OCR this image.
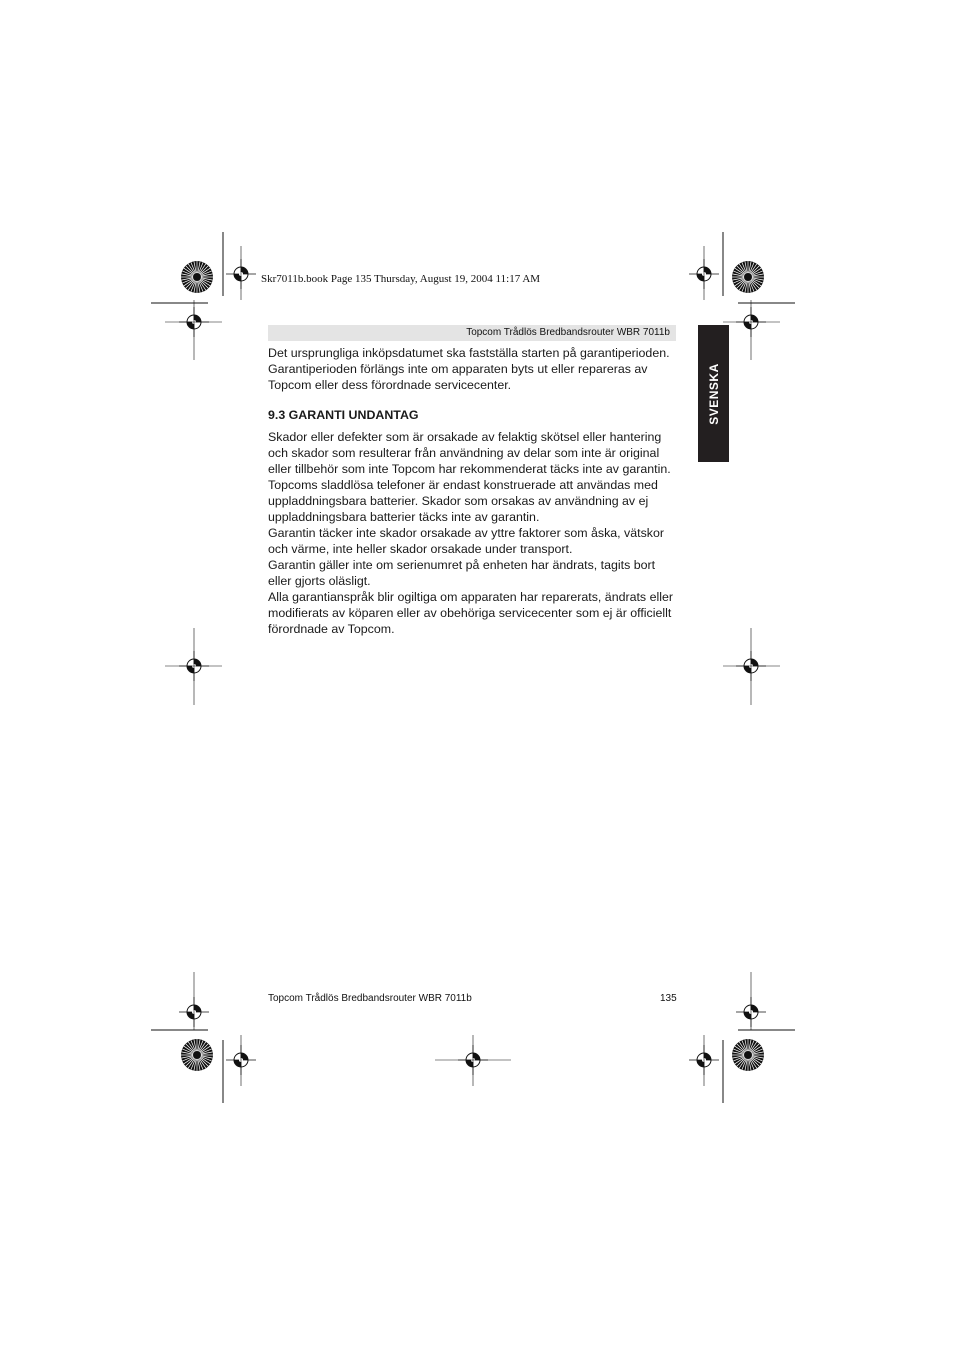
Skr7011b.book Page 135 Thursday, August 19, 2004 11:17 AM
Topcom Trådlös Bredbandsrouter WBR 7011b
SVENSKA

Det ursprungliga inköpsdatumet ska fastställa starten på garantiperioden. Garantiperioden förlängs inte om apparaten byts ut eller repareras av Topcom eller dess förordnade servicecenter.

9.3 GARANTI UNDANTAG

Skador eller defekter som är orsakade av felaktig skötsel eller hantering och skador som resulterar från användning av delar som inte är original eller tillbehör som inte Topcom har rekommenderat täcks inte av garantin.

Topcoms sladdlösa telefoner är endast konstruerade att användas med uppladdningsbara batterier. Skador som orsakas av användning av ej uppladdningsbara batterier täcks inte av garantin.

Garantin täcker inte skador orsakade av yttre faktorer som åska, vätskor och värme, inte heller skador orsakade under transport.

Garantin gäller inte om serienumret på enheten har ändrats, tagits bort eller gjorts oläsligt.

Alla garantianspråk blir ogiltiga om apparaten har reparerats, ändrats eller modifierats av köparen eller av obehöriga servicecenter som ej är officiellt förordnade av Topcom.

Topcom Trådlös Bredbandsrouter WBR 7011b	135
